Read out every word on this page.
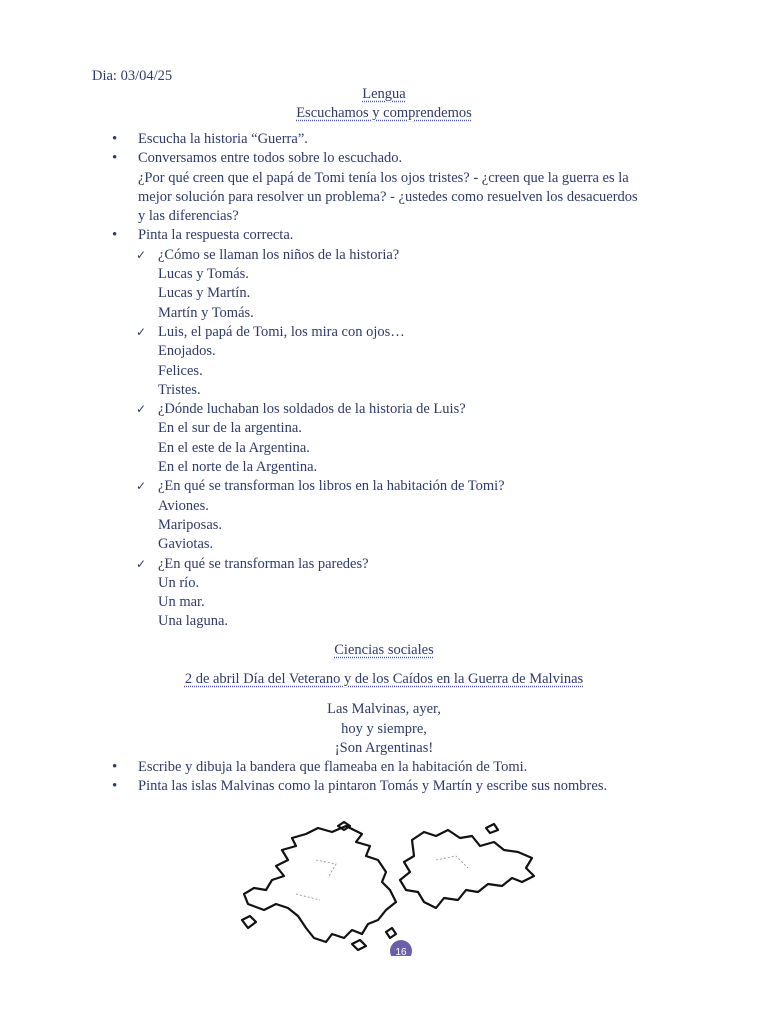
Dia: 03/04/25
Lengua
Escuchamos y comprendemos
• Escucha la historia “Guerra”.
• Conversamos entre todos sobre lo escuchado.
¿Por qué creen que el papá de Tomi tenía los ojos tristes? - ¿creen que la guerra es la
mejor solución para resolver un problema? - ¿ustedes como resuelven los desacuerdos
y las diferencias?
• Pinta la respuesta correcta.
✓ ¿Cómo se llaman los niños de la historia?
Lucas y Tomás.
Lucas y Martín.
Martín y Tomás.
✓ Luis, el papá de Tomi, los mira con ojos…
Enojados.
Felices.
Tristes.
✓ ¿Dónde luchaban los soldados de la historia de Luis?
En el sur de la argentina.
En el este de la Argentina.
En el norte de la Argentina.
✓ ¿En qué se transforman los libros en la habitación de Tomi?
Aviones.
Mariposas.
Gaviotas.
✓ ¿En qué se transforman las paredes?
Un río.
Un mar.
Una laguna.
Ciencias sociales
2 de abril Día del Veterano y de los Caídos en la Guerra de Malvinas
Las Malvinas, ayer,
hoy y siempre,
¡Son Argentinas!
• Escribe y dibuja la bandera que flameaba en la habitación de Tomi.
• Pinta las islas Malvinas como la pintaron Tomás y Martín y escribe sus nombres.
16
